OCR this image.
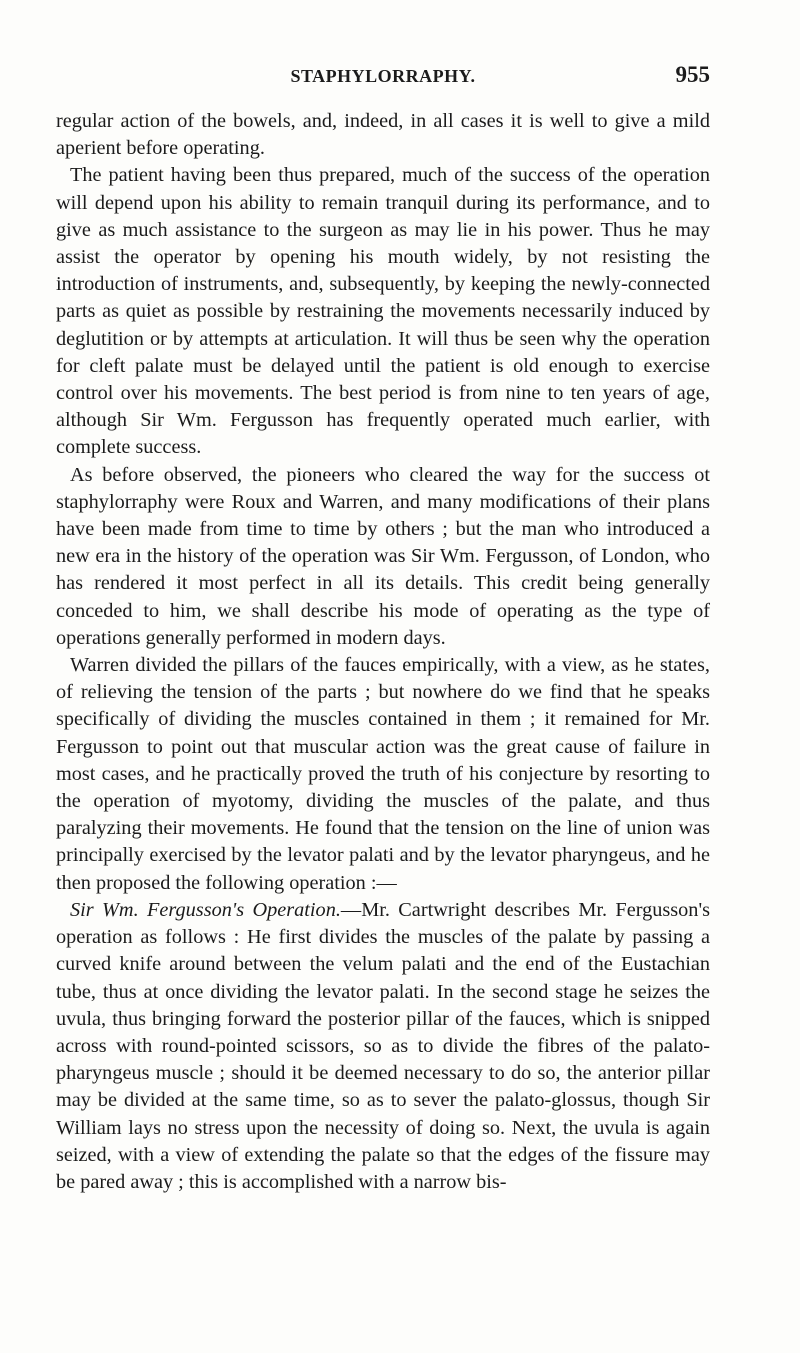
STAPHYLORRAPHY.	955

regular action of the bowels, and, indeed, in all cases it is well to give a mild aperient before operating.

The patient having been thus prepared, much of the success of the operation will depend upon his ability to remain tranquil during its performance, and to give as much assistance to the surgeon as may lie in his power. Thus he may assist the operator by opening his mouth widely, by not resisting the introduction of instruments, and, subsequently, by keeping the newly-connected parts as quiet as possible by restraining the movements necessarily induced by deglutition or by attempts at articulation. It will thus be seen why the operation for cleft palate must be delayed until the patient is old enough to exercise control over his movements. The best period is from nine to ten years of age, although Sir Wm. Fergusson has frequently operated much earlier, with complete success.

As before observed, the pioneers who cleared the way for the success ot staphylorraphy were Roux and Warren, and many modifications of their plans have been made from time to time by others ; but the man who introduced a new era in the history of the operation was Sir Wm. Fergusson, of London, who has rendered it most perfect in all its details. This credit being generally conceded to him, we shall describe his mode of operating as the type of operations generally performed in modern days.

Warren divided the pillars of the fauces empirically, with a view, as he states, of relieving the tension of the parts ; but nowhere do we find that he speaks specifically of dividing the muscles contained in them ; it remained for Mr. Fergusson to point out that muscular action was the great cause of failure in most cases, and he practically proved the truth of his conjecture by resorting to the operation of myotomy, dividing the muscles of the palate, and thus paralyzing their movements. He found that the tension on the line of union was principally exercised by the levator palati and by the levator pharyngeus, and he then proposed the following operation :—

Sir Wm. Fergusson's Operation.—Mr. Cartwright describes Mr. Fergusson's operation as follows : He first divides the muscles of the palate by passing a curved knife around between the velum palati and the end of the Eustachian tube, thus at once dividing the levator palati. In the second stage he seizes the uvula, thus bringing forward the posterior pillar of the fauces, which is snipped across with round-pointed scissors, so as to divide the fibres of the palato-pharyngeus muscle ; should it be deemed necessary to do so, the anterior pillar may be divided at the same time, so as to sever the palato-glossus, though Sir William lays no stress upon the necessity of doing so. Next, the uvula is again seized, with a view of extending the palate so that the edges of the fissure may be pared away ; this is accomplished with a narrow bis-
